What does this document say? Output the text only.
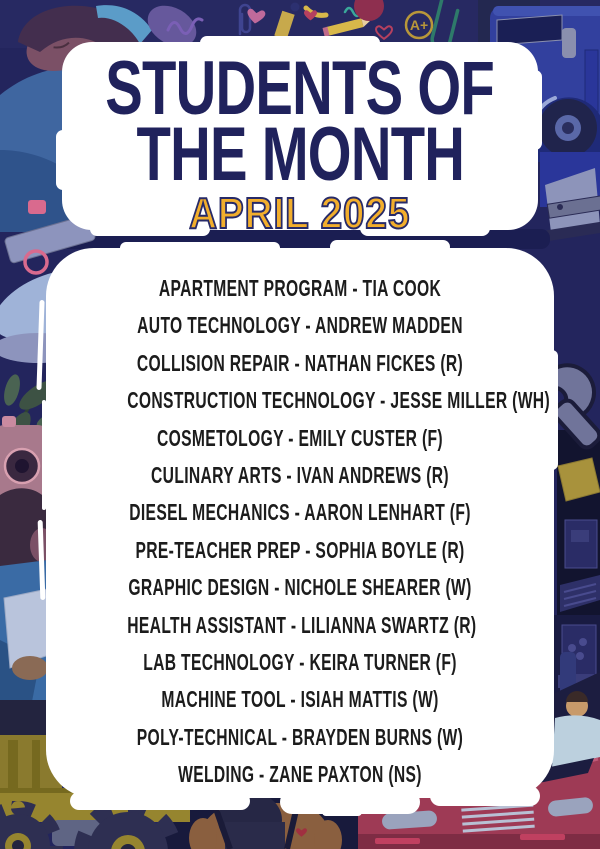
A+
STUDENTS OF
THE MONTH
APRIL 2025
APARTMENT PROGRAM - TIA COOK
AUTO TECHNOLOGY - ANDREW MADDEN
COLLISION REPAIR - NATHAN FICKES (R)
CONSTRUCTION TECHNOLOGY - JESSE MILLER (WH)
COSMETOLOGY - EMILY CUSTER (F)
CULINARY ARTS - IVAN ANDREWS (R)
DIESEL MECHANICS - AARON LENHART (F)
PRE-TEACHER PREP - SOPHIA BOYLE (R)
GRAPHIC DESIGN - NICHOLE SHEARER (W)
HEALTH ASSISTANT - LILIANNA SWARTZ (R)
LAB TECHNOLOGY - KEIRA TURNER (F)
MACHINE TOOL - ISIAH MATTIS (W)
POLY-TECHNICAL - BRAYDEN BURNS (W)
WELDING - ZANE PAXTON (NS)
